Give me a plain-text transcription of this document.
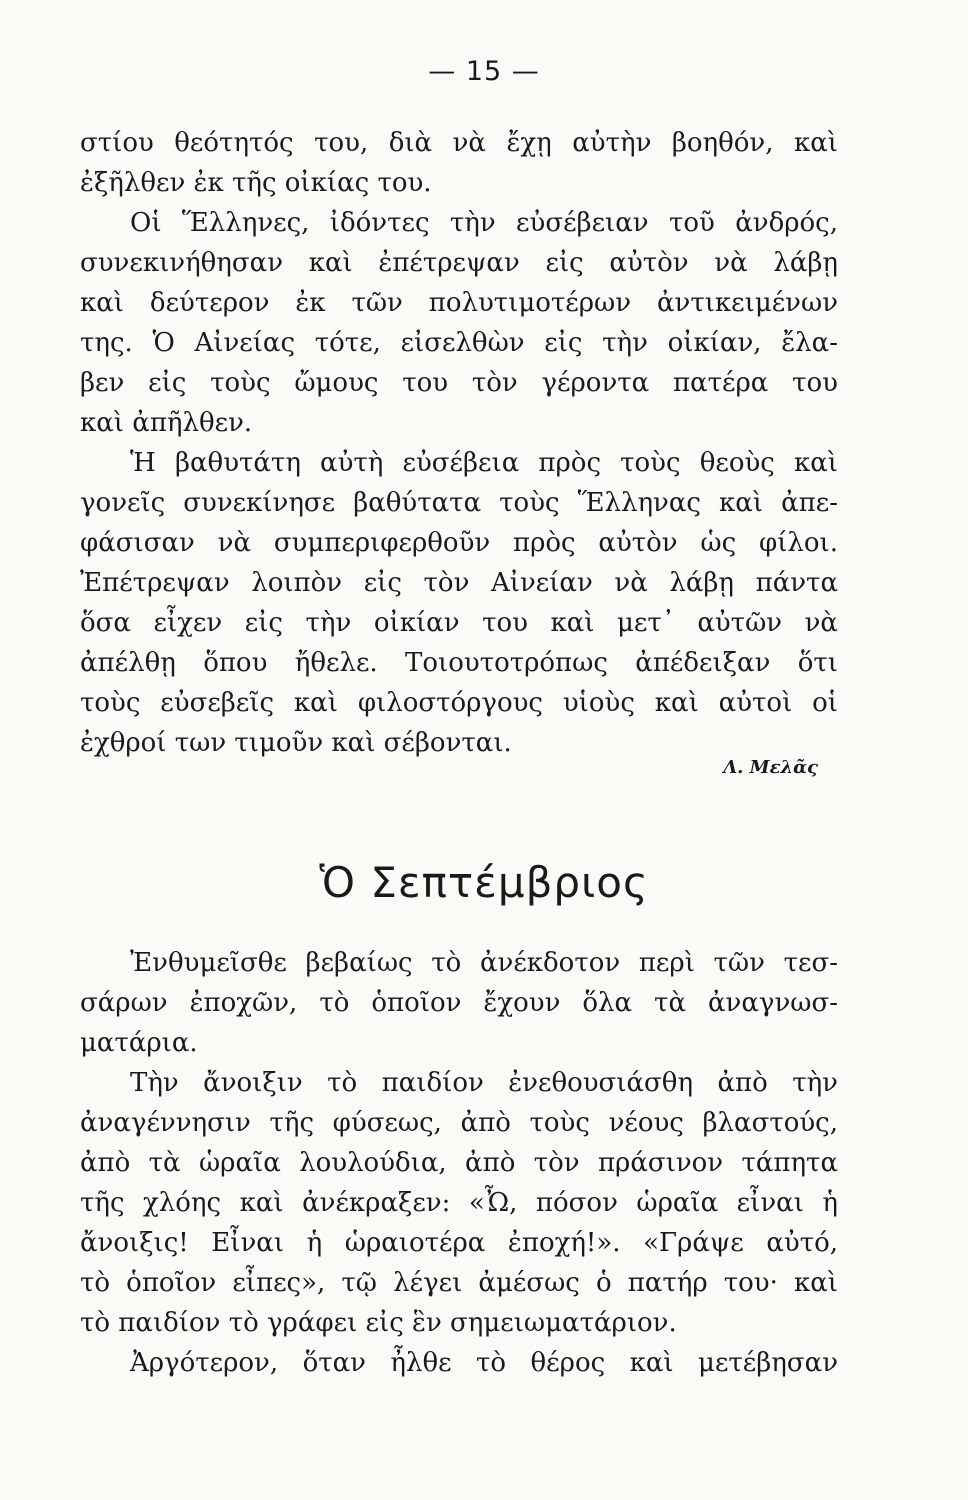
— 15 —
στίου θεότητός του, διὰ νὰ ἔχῃ αὐτὴν βοηθόν, καὶ
ἐξῆλθεν ἐκ τῆς οἰκίας του.
Οἱ Ἕλληνες, ἰδόντες τὴν εὐσέβειαν τοῦ ἀνδρός,
συνεκινήθησαν καὶ ἐπέτρεψαν εἰς αὐτὸν νὰ λάβῃ
καὶ δεύτερον ἐκ τῶν πολυτιμοτέρων ἀντικειμένων
της. Ὁ Αἰνείας τότε, εἰσελθὼν εἰς τὴν οἰκίαν, ἔλα-
βεν εἰς τοὺς ὤμους του τὸν γέροντα πατέρα του
καὶ ἀπῆλθεν.
Ἡ βαθυτάτη αὐτὴ εὐσέβεια πρὸς τοὺς θεοὺς καὶ
γονεῖς συνεκίνησε βαθύτατα τοὺς Ἕλληνας καὶ ἀπε-
φάσισαν νὰ συμπεριφερθοῦν πρὸς αὐτὸν ὡς φίλοι.
Ἐπέτρεψαν λοιπὸν εἰς τὸν Αἰνείαν νὰ λάβῃ πάντα
ὅσα εἶχεν εἰς τὴν οἰκίαν του καὶ μετ᾿ αὐτῶν νὰ
ἀπέλθῃ ὅπου ἤθελε. Τοιουτοτρόπως ἀπέδειξαν ὅτι
τοὺς εὐσεβεῖς καὶ φιλοστόργους υἱοὺς καὶ αὐτοὶ οἱ
ἐχθροί των τιμοῦν καὶ σέβονται.
Λ. Μελᾶς
Ὁ Σεπτέμβριος
Ἐνθυμεῖσθε βεβαίως τὸ ἀνέκδοτον περὶ τῶν τεσ-
σάρων ἐποχῶν, τὸ ὁποῖον ἔχουν ὅλα τὰ ἀναγνωσ-
ματάρια.
Τὴν ἄνοιξιν τὸ παιδίον ἐνεθουσιάσθη ἀπὸ τὴν
ἀναγέννησιν τῆς φύσεως, ἀπὸ τοὺς νέους βλαστούς,
ἀπὸ τὰ ὡραῖα λουλούδια, ἀπὸ τὸν πράσινον τάπητα
τῆς χλόης καὶ ἀνέκραξεν: «Ὦ, πόσον ὡραῖα εἶναι ἡ
ἄνοιξις! Εἶναι ἡ ὡραιοτέρα ἐποχή!». «Γράψε αὐτό,
τὸ ὁποῖον εἶπες», τῷ λέγει ἀμέσως ὁ πατήρ του· καὶ
τὸ παιδίον τὸ γράφει εἰς ἓν σημειωματάριον.
Ἀργότερον, ὅταν ἦλθε τὸ θέρος καὶ μετέβησαν
